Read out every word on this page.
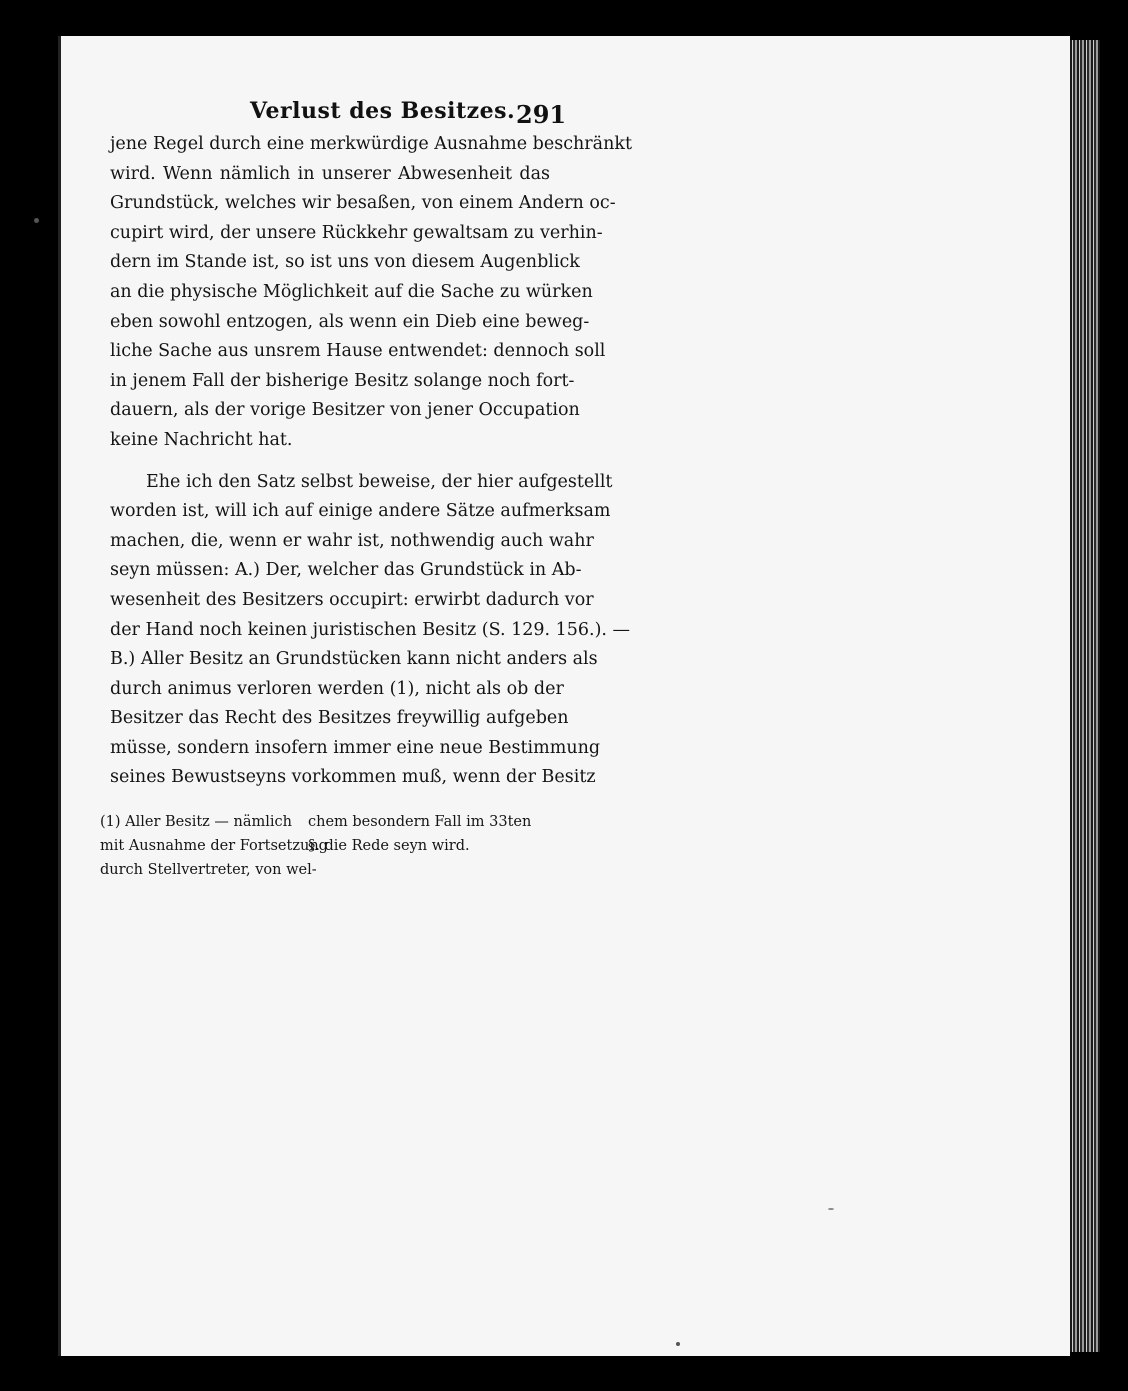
Verlust des Besitzes. 291
jene Regel durch eine merkwürdige Ausnahme beschränkt
wird. Wenn nämlich in unserer Abwesenheit das
Grundstück, welches wir besaßen, von einem Andern oc-
cupirt wird, der unsere Rückkehr gewaltsam zu verhin-
dern im Stande ist, so ist uns von diesem Augenblick
an die physische Möglichkeit auf die Sache zu würken
eben sowohl entzogen, als wenn ein Dieb eine beweg-
liche Sache aus unsrem Hause entwendet: dennoch soll
in jenem Fall der bisherige Besitz solange noch fort-
dauern, als der vorige Besitzer von jener Occupation
keine Nachricht hat.
Ehe ich den Satz selbst beweise, der hier aufgestellt
worden ist, will ich auf einige andere Sätze aufmerksam
machen, die, wenn er wahr ist, nothwendig auch wahr
seyn müssen: A.) Der, welcher das Grundstück in Ab-
wesenheit des Besitzers occupirt: erwirbt dadurch vor
der Hand noch keinen juristischen Besitz (S. 129. 156.). —
B.) Aller Besitz an Grundstücken kann nicht anders als
durch animus verloren werden (1), nicht als ob der
Besitzer das Recht des Besitzes freywillig aufgeben
müsse, sondern insofern immer eine neue Bestimmung
seines Bewustseyns vorkommen muß, wenn der Besitz
(1) Aller Besitz — nämlich chem besondern Fall im 33ten
mit Ausnahme der Fortsetzung
§. die Rede seyn wird.
durch Stellvertreter, von wel-
